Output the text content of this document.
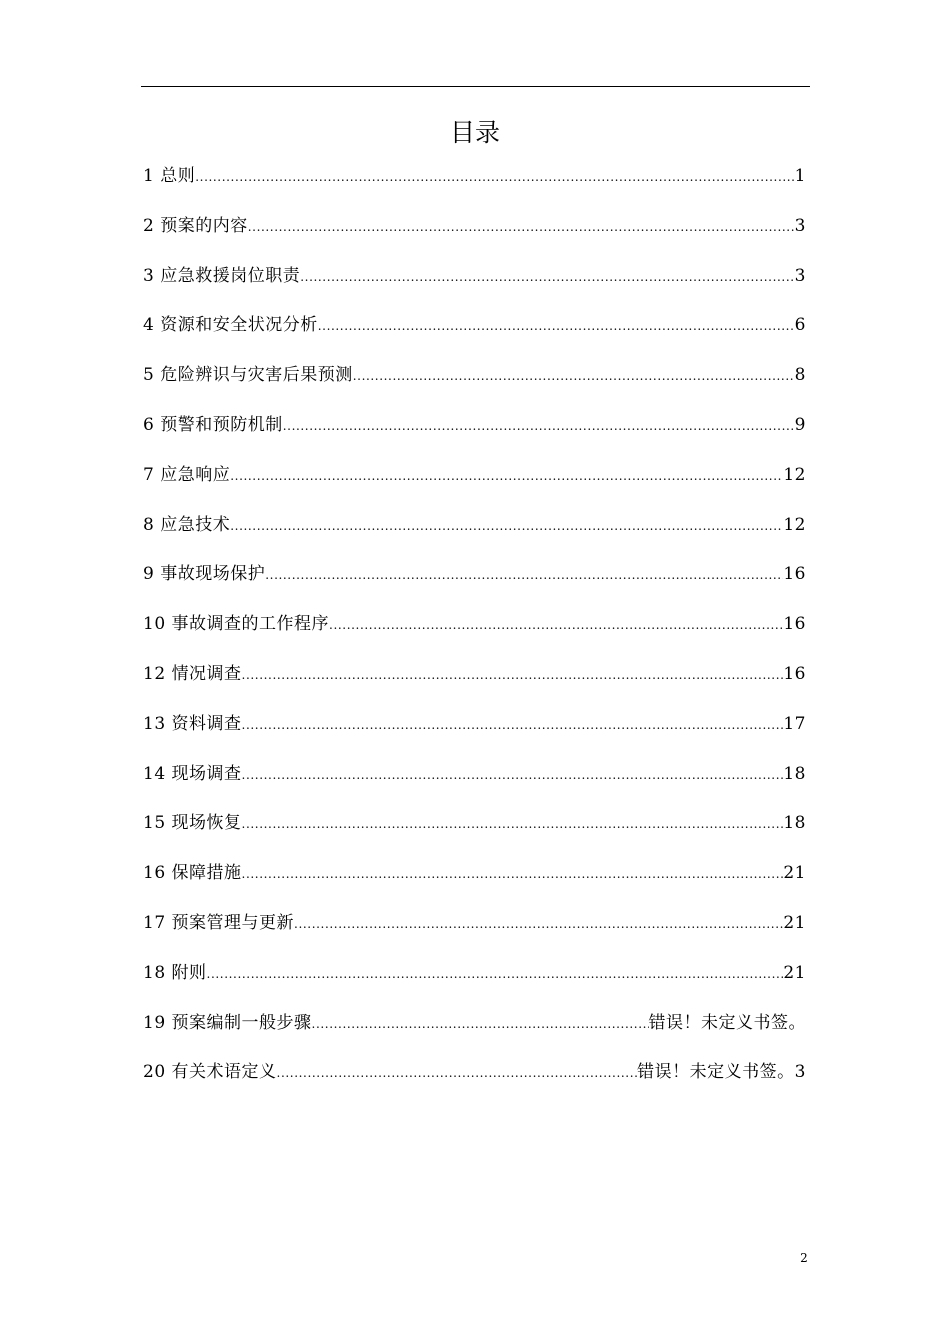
目录
1 总则 .....	1
2 预案的内容 .....	3
3 应急救援岗位职责 .....	3
4 资源和安全状况分析 .....	6
5 危险辨识与灾害后果预测 .....	8
6 预警和预防机制 .....	9
7 应急响应 .....	12
8 应急技术 .....	12
9 事故现场保护 .....	16
10 事故调查的工作程序 .....	16
12 情况调查 .....	16
13 资料调查 .....	17
14 现场调查 .....	18
15 现场恢复 .....	18
16 保障措施 .....	21
17 预案管理与更新 .....	21
18 附则 .....	21
19 预案编制一般步骤 .....	错误！未定义书签。
20 有关术语定义 .....	错误！未定义书签。3
2
